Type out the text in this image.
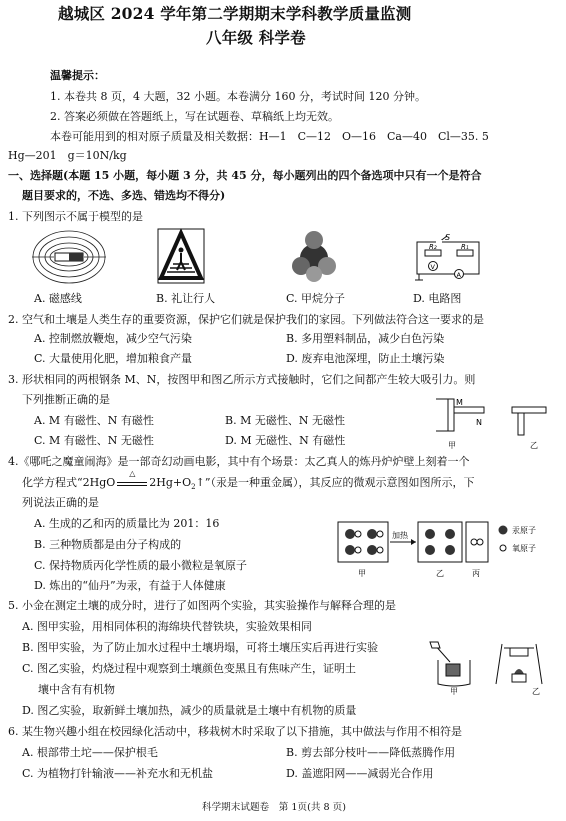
越城区 2024 学年第二学期期末学科教学质量监测
八年级 科学卷
温馨提示：
1. 本卷共 8 页，4 大题，32 小题。本卷满分 160 分，考试时间 120 分钟。
2. 答案必须做在答题纸上，写在试题卷、草稿纸上均无效。
本卷可能用到的相对原子质量及相关数据：H—1　C—12　O—16　Ca—40　Cl—35. 5
Hg—201　g＝10N/kg
一、选择题(本题 15 小题，每小题 3 分，共 45 分，每小题列出的四个备选项中只有一个是符合
题目要求的，不选、多选、错选均不得分)
1. 下列图示不属于模型的是
S
R₂	R₁
V
A
A. 磁感线	B. 礼让行人	C. 甲烷分子	D. 电路图
2. 空气和土壤是人类生存的重要资源，保护它们就是保护我们的家园。下列做法符合这一要求的是
A. 控制燃放鞭炮，减少空气污染	B. 多用塑料制品，减少白色污染
C. 大量使用化肥，增加粮食产量	D. 废弃电池深埋，防止土壤污染
3. 形状相同的两根钢条 M、N，按图甲和图乙所示方式接触时，它们之间都产生较大吸引力。则
下列推断正确的是
A. M 有磁性、N 有磁性	B. M 无磁性、N 无磁性
C. M 有磁性、N 无磁性	D. M 无磁性、N 有磁性
M
N
甲	乙
4.《哪吒之魔童闹海》是一部奇幻动画电影，其中有个场景：太乙真人的炼丹炉炉壁上刻着一个
化学方程式“2HgO
△
$2Hg+O_2↑$”（汞是一种重金属），其反应的微观示意图如图所示，下
列说法正确的是
A. 生成的乙和丙的质量比为 201：16
B. 三种物质都是由分子构成的
C. 保持物质丙化学性质的最小微粒是氧原子
D. 炼出的“仙丹”为汞，有益于人体健康
加热
甲	乙	丙
汞原子
氧原子
5. 小金在测定土壤的成分时，进行了如图两个实验，其实验操作与解释合理的是
A. 图甲实验，用相同体积的海绵块代替铁块，实验效果相同
B. 图甲实验，为了防止加水过程中土壤坍塌，可将土壤压实后再进行实验
C. 图乙实验，灼烧过程中观察到土壤颜色变黑且有焦味产生，证明土
壤中含有有机物
D. 图乙实验，取新鲜土壤加热，减少的质量就是土壤中有机物的质量
甲	乙
6. 某生物兴趣小组在校园绿化活动中，移栽树木时采取了以下措施，其中做法与作用不相符是
A. 根部带土坨——保护根毛	B. 剪去部分枝叶——降低蒸腾作用
C. 为植物打针输液——补充水和无机盐	D. 盖遮阳网——减弱光合作用
科学期末试题卷　第 1页(共 8 页)
